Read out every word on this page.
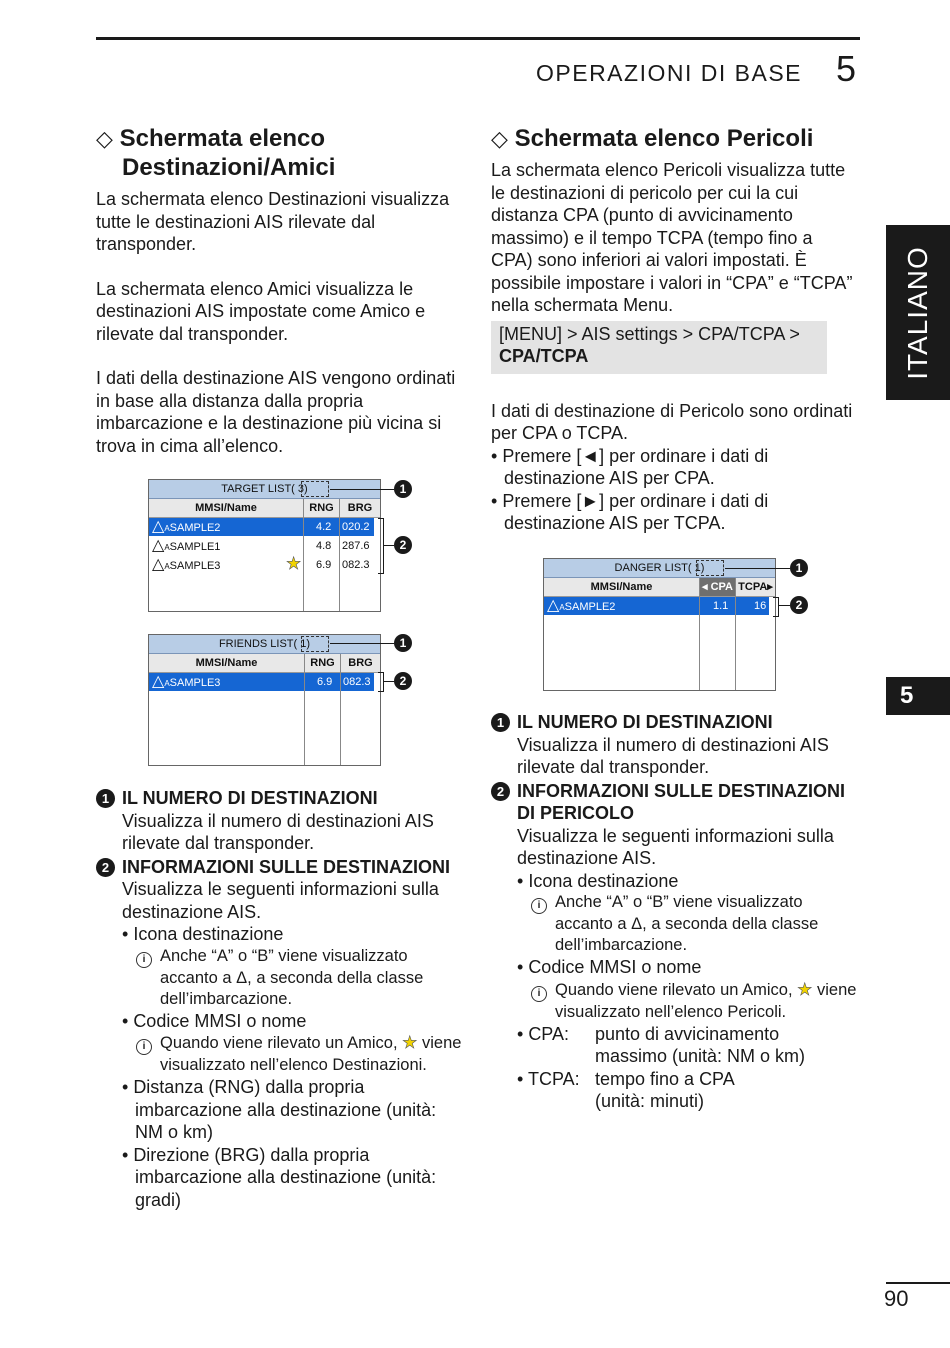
OPERAZIONI DI BASE 5
ITALIANO
5
◇ Schermata elenco Destinazioni/Amici

La schermata elenco Destinazioni visualizza tutte le destinazioni AIS rilevate dal transponder.

La schermata elenco Amici visualizza le destinazioni AIS impostate come Amico e rilevate dal transponder.

I dati della destinazione AIS vengono ordinati in base alla distanza dalla propria imbarcazione e la destinazione più vicina si trova in cima all’elenco.

TARGET LIST( 3)
MMSI/Name	RNG	BRG
△ASAMPLE2	4.2 020.2
△ASAMPLE1	4.8 287.6
△ASAMPLE3	★ 6.9 082.3
1
2
FRIENDS LIST( 1)
MMSI/Name	RNG	BRG
△ASAMPLE3	6.9 082.3
1
2
1 IL NUMERO DI DESTINAZIONI
Visualizza il numero di destinazioni AIS rilevate dal transponder.
2 INFORMAZIONI SULLE DESTINAZIONI
Visualizza le seguenti informazioni sulla destinazione AIS.
• Icona destinazione
i Anche “A” o “B” viene visualizzato accanto a Δ, a seconda della classe dell’imbarcazione.
• Codice MMSI o nome
i Quando viene rilevato un Amico, ★ viene visualizzato nell’elenco Destinazioni.
• Distanza (RNG) dalla propria imbarcazione alla destinazione (unità: NM o km)
• Direzione (BRG) dalla propria imbarcazione alla destinazione (unità: gradi)
◇ Schermata elenco Pericoli

La schermata elenco Pericoli visualizza tutte le destinazioni di pericolo per cui la cui distanza CPA (punto di avvicinamento massimo) e il tempo TCPA (tempo fino a CPA) sono inferiori ai valori impostati. È possibile impostare i valori in “CPA” e “TCPA” nella schermata Menu.

[MENU] > AIS settings > CPA/TCPA >
CPA/TCPA

I dati di destinazione di Pericolo sono ordinati per CPA o TCPA.

• Premere [◄] per ordinare i dati di destinazione AIS per CPA.
• Premere [►] per ordinare i dati di destinazione AIS per TCPA.
DANGER LIST( 1)
MMSI/Name	◂ CPA TCPA▸
△ASAMPLE2	1.1 16
1
2
1 IL NUMERO DI DESTINAZIONI
Visualizza il numero di destinazioni AIS rilevate dal transponder.
2 INFORMAZIONI SULLE DESTINAZIONI DI PERICOLO
Visualizza le seguenti informazioni sulla destinazione AIS.
• Icona destinazione
i Anche “A” o “B” viene visualizzato accanto a Δ, a seconda della classe dell’imbarcazione.
• Codice MMSI o nome
i Quando viene rilevato un Amico, ★ viene visualizzato nell’elenco Pericoli.
• CPA:	punto di avvicinamento massimo (unità: NM o km)
• TCPA: tempo fino a CPA (unità: minuti)
90
